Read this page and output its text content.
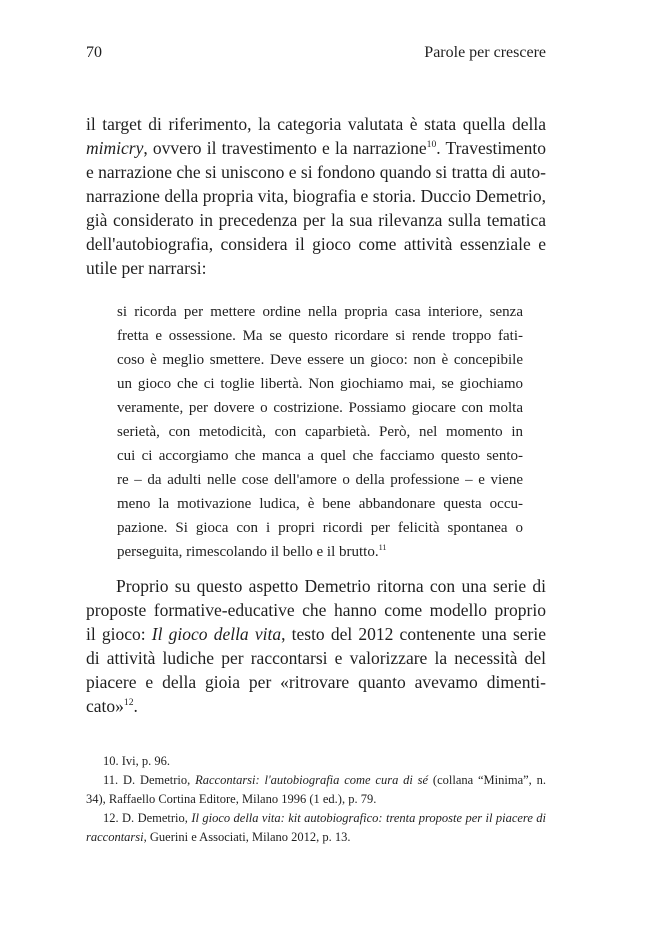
70	Parole per crescere
il target di riferimento, la categoria valutata è stata quella della
mimicry, ovvero il travestimento e la narrazione$^{10}$. Travestimento
e narrazione che si uniscono e si fondono quando si tratta di auto-
narrazione della propria vita, biografia e storia. Duccio Demetrio,
già considerato in precedenza per la sua rilevanza sulla tematica
dell'autobiografia, considera il gioco come attività essenziale e
utile per narrarsi:
si ricorda per mettere ordine nella propria casa interiore, senza
fretta e ossessione. Ma se questo ricordare si rende troppo fati-
coso è meglio smettere. Deve essere un gioco: non è concepibile
un gioco che ci toglie libertà. Non giochiamo mai, se giochiamo
veramente, per dovere o costrizione. Possiamo giocare con molta
serietà, con metodicità, con caparbietà. Però, nel momento in
cui ci accorgiamo che manca a quel che facciamo questo sento-
re – da adulti nelle cose dell'amore o della professione – e viene
meno la motivazione ludica, è bene abbandonare questa occu-
pazione. Si gioca con i propri ricordi per felicità spontanea o
perseguita, rimescolando il bello e il brutto.$^{11}$
Proprio su questo aspetto Demetrio ritorna con una serie di
proposte formative-educative che hanno come modello proprio
il gioco: Il gioco della vita, testo del 2012 contenente una serie
di attività ludiche per raccontarsi e valorizzare la necessità del
piacere e della gioia per «ritrovare quanto avevamo dimenti-
cato»$^{12}$.
10. Ivi, p. 96.
11. D. Demetrio, Raccontarsi: l'autobiografia come cura di sé (collana “Minima”, n.
34), Raffaello Cortina Editore, Milano 1996 (1 ed.), p. 79.
12. D. Demetrio, Il gioco della vita: kit autobiografico: trenta proposte per il piacere di
raccontarsi, Guerini e Associati, Milano 2012, p. 13.
